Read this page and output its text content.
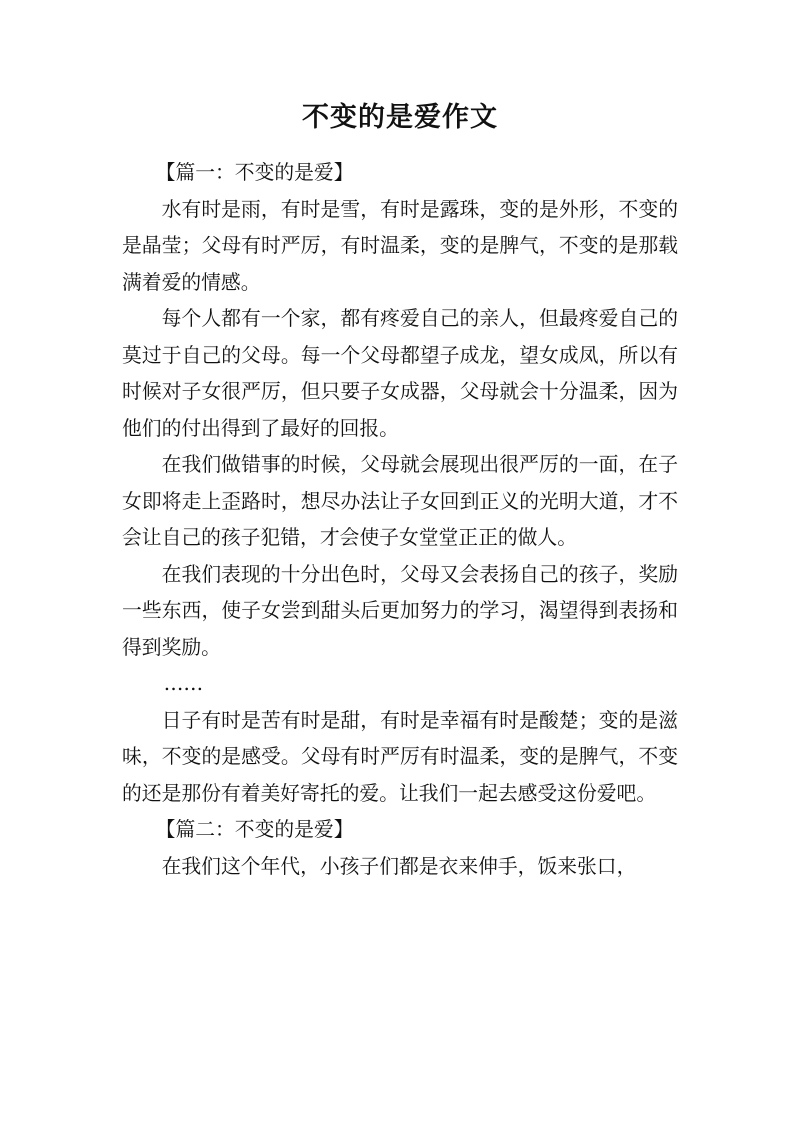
不变的是爱作文

【篇一：不变的是爱】

水有时是雨，有时是雪，有时是露珠，变的是外形，不变的是晶莹；父母有时严厉，有时温柔，变的是脾气，不变的是那载满着爱的情感。

每个人都有一个家，都有疼爱自己的亲人，但最疼爱自己的莫过于自己的父母。每一个父母都望子成龙，望女成凤，所以有时候对子女很严厉，但只要子女成器，父母就会十分温柔，因为他们的付出得到了最好的回报。

在我们做错事的时候，父母就会展现出很严厉的一面，在子女即将走上歪路时，想尽办法让子女回到正义的光明大道，才不会让自己的孩子犯错，才会使子女堂堂正正的做人。

在我们表现的十分出色时，父母又会表扬自己的孩子，奖励一些东西，使子女尝到甜头后更加努力的学习，渴望得到表扬和得到奖励。

……

日子有时是苦有时是甜，有时是幸福有时是酸楚；变的是滋味，不变的是感受。父母有时严厉有时温柔，变的是脾气，不变的还是那份有着美好寄托的爱。让我们一起去感受这份爱吧。

【篇二：不变的是爱】

在我们这个年代，小孩子们都是衣来伸手，饭来张口，
